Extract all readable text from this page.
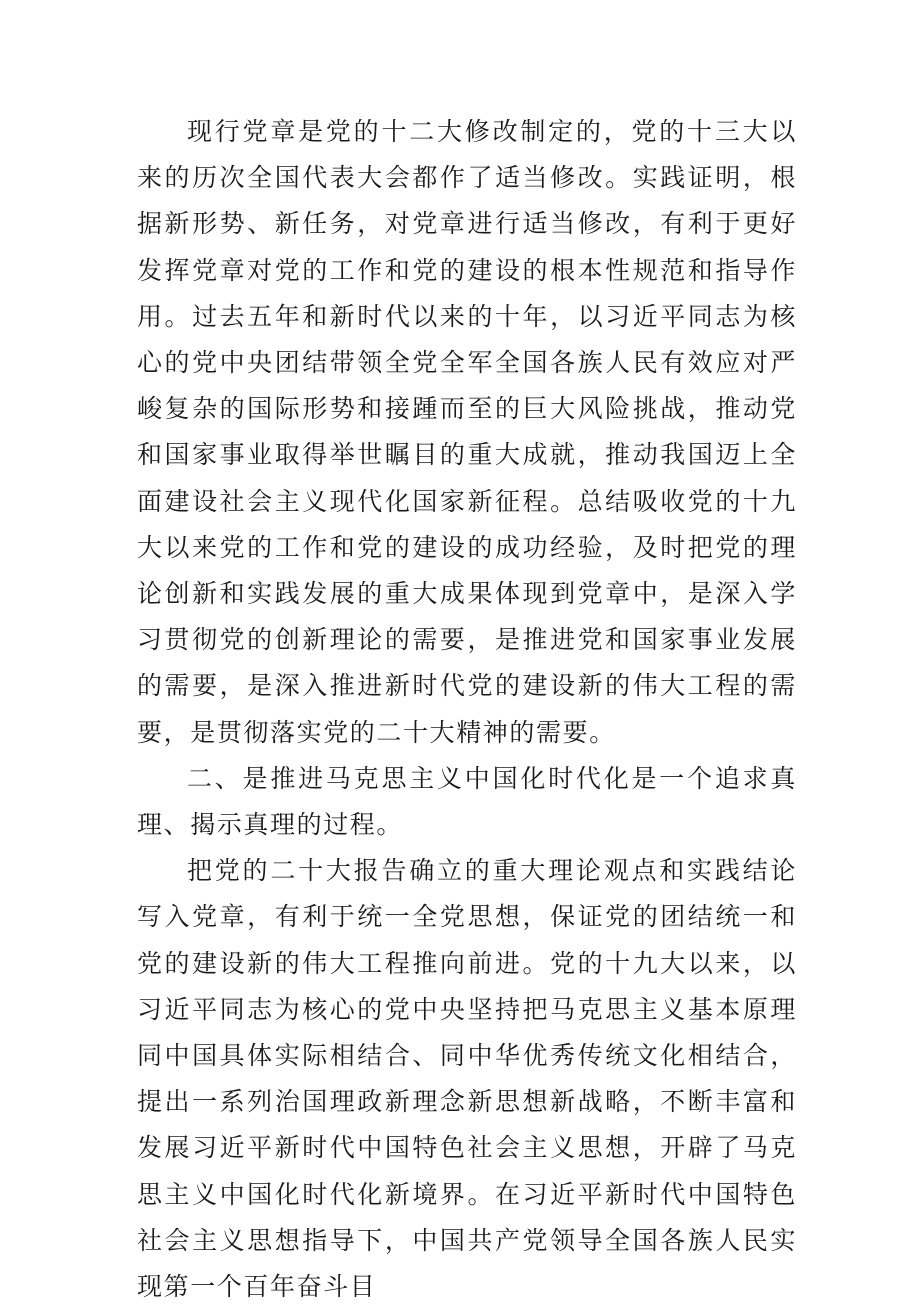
现行党章是党的十二大修改制定的，党的十三大以来的历次全国代表大会都作了适当修改。实践证明，根据新形势、新任务，对党章进行适当修改，有利于更好发挥党章对党的工作和党的建设的根本性规范和指导作用。过去五年和新时代以来的十年，以习近平同志为核心的党中央团结带领全党全军全国各族人民有效应对严峻复杂的国际形势和接踵而至的巨大风险挑战，推动党和国家事业取得举世瞩目的重大成就，推动我国迈上全面建设社会主义现代化国家新征程。总结吸收党的十九大以来党的工作和党的建设的成功经验，及时把党的理论创新和实践发展的重大成果体现到党章中，是深入学习贯彻党的创新理论的需要，是推进党和国家事业发展的需要，是深入推进新时代党的建设新的伟大工程的需要，是贯彻落实党的二十大精神的需要。

二、是推进马克思主义中国化时代化是一个追求真理、揭示真理的过程。

把党的二十大报告确立的重大理论观点和实践结论写入党章，有利于统一全党思想，保证党的团结统一和党的建设新的伟大工程推向前进。党的十九大以来，以习近平同志为核心的党中央坚持把马克思主义基本原理同中国具体实际相结合、同中华优秀传统文化相结合，提出一系列治国理政新理念新思想新战略，不断丰富和发展习近平新时代中国特色社会主义思想，开辟了马克思主义中国化时代化新境界。在习近平新时代中国特色社会主义思想指导下，中国共产党领导全国各族人民实现第一个百年奋斗目
